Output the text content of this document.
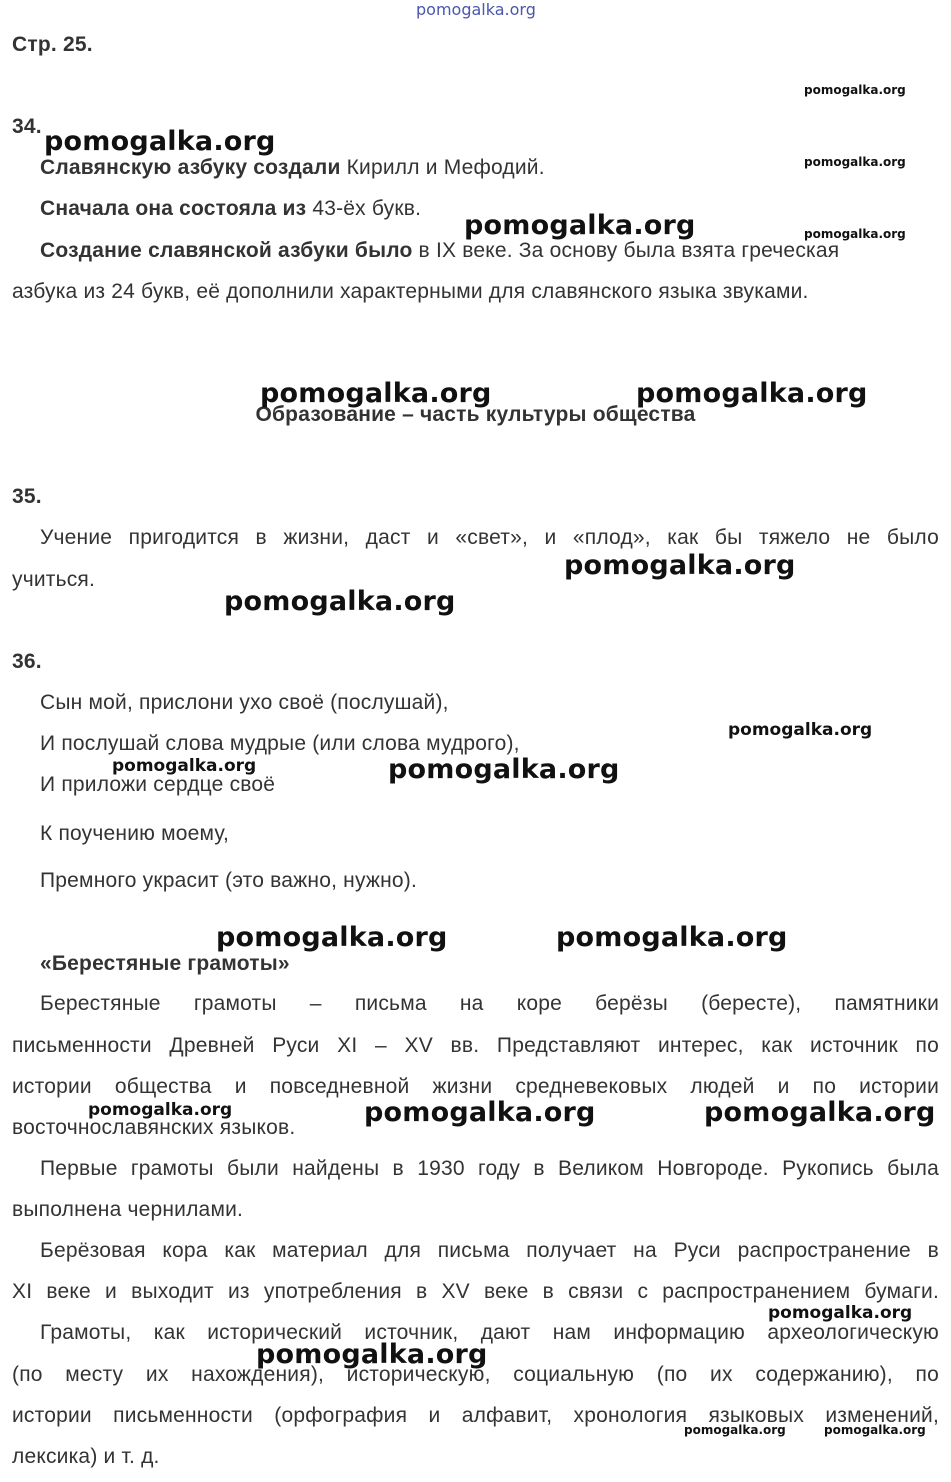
pomogalka.org
Стр. 25.
34.
Славянскую азбуку создали Кирилл и Мефодий.
Сначала она состояла из 43-ёх букв.
Создание славянской азбуки было в IX веке. За основу была взята греческая
азбука из 24 букв, её дополнили характерными для славянского языка звуками.
Образование – часть культуры общества
35.
Учение пригодится в жизни, даст и «свет», и «плод», как бы тяжело не было
учиться.
36.
Сын мой, прислони ухо своё (послушай),
И послушай слова мудрые (или слова мудрого),
И приложи сердце своё
К поучению моему,
Премного украсит (это важно, нужно).
«Берестяные грамоты»
Берестяные грамоты – письма на коре берёзы (бересте), памятники
письменности Древней Руси XI – XV вв. Представляют интерес, как источник по
истории общества и повседневной жизни средневековых людей и по истории
восточнославянских языков.
Первые грамоты были найдены в 1930 году в Великом Новгороде. Рукопись была
выполнена чернилами.
Берёзовая кора как материал для письма получает на Руси распространение в
XI веке и выходит из употребления в XV веке в связи с распространением бумаги.
Грамоты, как исторический источник, дают нам информацию археологическую
(по месту их нахождения), историческую, социальную (по их содержанию), по
истории письменности (орфография и алфавит, хронология языковых изменений,
лексика) и т. д.
pomogalka.org
pomogalka.org
pomogalka.org
pomogalka.org	pomogalka.org
pomogalka.org	pomogalka.org
pomogalka.org
pomogalka.org
pomogalka.org
pomogalka.org	pomogalka.org
pomogalka.org	pomogalka.org
pomogalka.org	pomogalka.org	pomogalka.org
pomogalka.org
pomogalka.org
pomogalka.org	pomogalka.org
